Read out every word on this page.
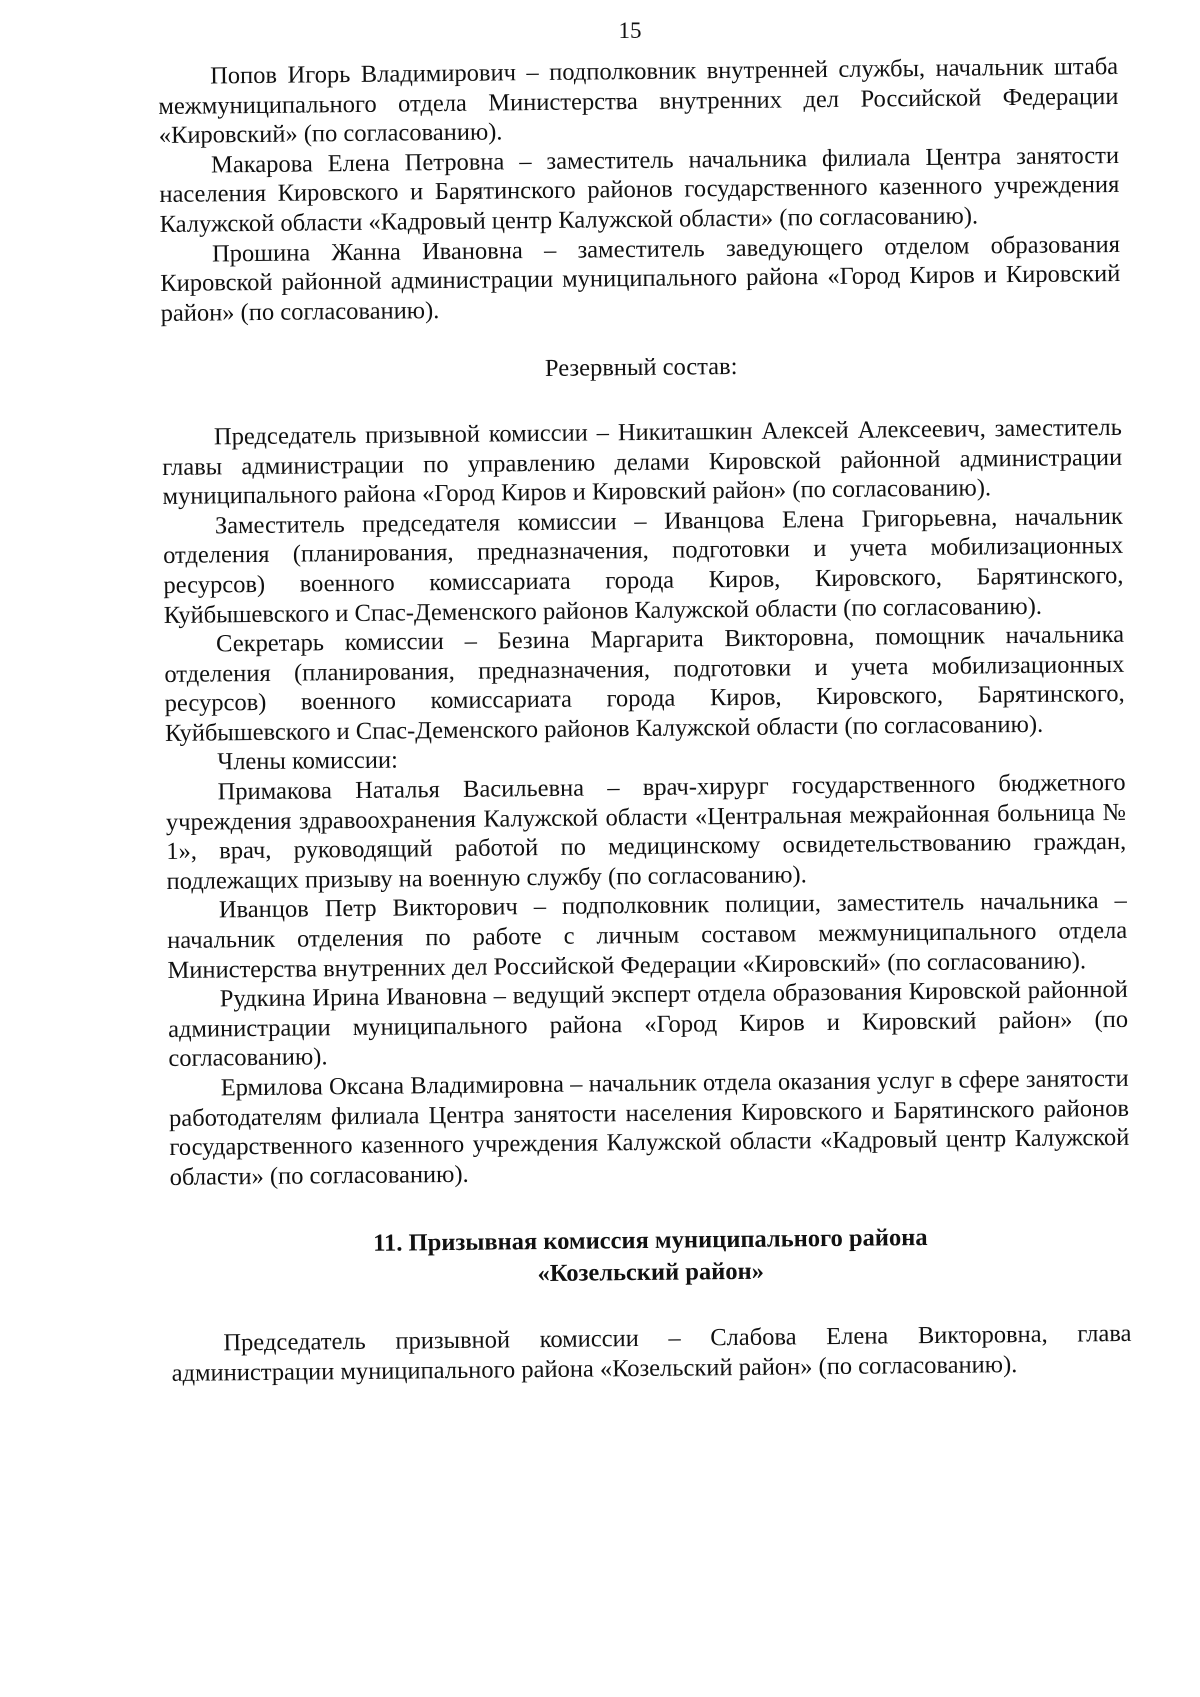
15

Попов Игорь Владимирович – подполковник внутренней службы, начальник штаба межмуниципального отдела Министерства внутренних дел Российской Федерации «Кировский» (по согласованию).

Макарова Елена Петровна – заместитель начальника филиала Центра занятости населения Кировского и Барятинского районов государственного казенного учреждения Калужской области «Кадровый центр Калужской области» (по согласованию).

Прошина Жанна Ивановна – заместитель заведующего отделом образования Кировской районной администрации муниципального района «Город Киров и Кировский район» (по согласованию).

Резервный состав:

Председатель призывной комиссии – Никиташкин Алексей Алексеевич, заместитель главы администрации по управлению делами Кировской районной администрации муниципального района «Город Киров и Кировский район» (по согласованию).

Заместитель председателя комиссии – Иванцова Елена Григорьевна, начальник отделения (планирования, предназначения, подготовки и учета мобилизационных ресурсов) военного комиссариата города Киров, Кировского, Барятинского, Куйбышевского и Спас-Деменского районов Калужской области (по согласованию).

Секретарь комиссии – Безина Маргарита Викторовна, помощник начальника отделения (планирования, предназначения, подготовки и учета мобилизационных ресурсов) военного комиссариата города Киров, Кировского, Барятинского, Куйбышевского и Спас-Деменского районов Калужской области (по согласованию).

Члены комиссии:

Примакова Наталья Васильевна – врач-хирург государственного бюджетного учреждения здравоохранения Калужской области «Центральная межрайонная больница № 1», врач, руководящий работой по медицинскому освидетельствованию граждан, подлежащих призыву на военную службу (по согласованию).

Иванцов Петр Викторович – подполковник полиции, заместитель начальника – начальник отделения по работе с личным составом межмуниципального отдела Министерства внутренних дел Российской Федерации «Кировский» (по согласованию).

Рудкина Ирина Ивановна – ведущий эксперт отдела образования Кировской районной администрации муниципального района «Город Киров и Кировский район» (по согласованию).

Ермилова Оксана Владимировна – начальник отдела оказания услуг в сфере занятости работодателям филиала Центра занятости населения Кировского и Барятинского районов государственного казенного учреждения Калужской области «Кадровый центр Калужской области» (по согласованию).

11. Призывная комиссия муниципального района
«Козельский район»

Председатель призывной комиссии – Слабова Елена Викторовна, глава администрации муниципального района «Козельский район» (по согласованию).
